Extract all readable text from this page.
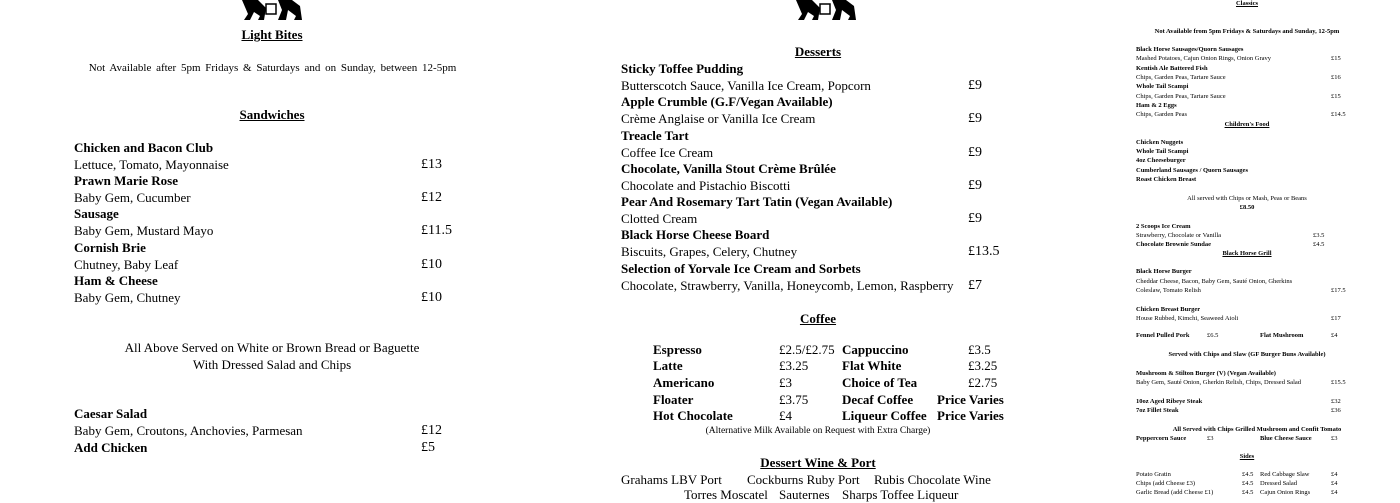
Light Bites
Not Available after 5pm Fridays & Saturdays and on Sunday, between 12-5pm
Sandwiches
Chicken and Bacon Club
Lettuce, Tomato, Mayonnaise	£13
Prawn Marie Rose
Baby Gem, Cucumber	£12
Sausage
Baby Gem, Mustard Mayo	£11.5
Cornish Brie
Chutney, Baby Leaf	£10
Ham & Cheese
Baby Gem, Chutney	£10
All Above Served on White or Brown Bread or Baguette
With Dressed Salad and Chips
Caesar Salad
Baby Gem, Croutons, Anchovies, Parmesan	£12
Add Chicken	£5
Desserts
Sticky Toffee Pudding
Butterscotch Sauce, Vanilla Ice Cream, Popcorn	£9
Apple Crumble (G.F/Vegan Available)
Crème Anglaise or Vanilla Ice Cream	£9
Treacle Tart
Coffee Ice Cream	£9
Chocolate, Vanilla Stout Crème Brûlée
Chocolate and Pistachio Biscotti	£9
Pear And Rosemary Tart Tatin (Vegan Available)
Clotted Cream	£9
Black Horse Cheese Board
Biscuits, Grapes, Celery, Chutney	£13.5
Selection of Yorvale Ice Cream and Sorbets
Chocolate, Strawberry, Vanilla, Honeycomb, Lemon, Raspberry £7
Coffee
Espresso	£2.5/£2.75 Cappuccino	£3.5
Latte	£3.25	Flat White	£3.25
Americano	£3	Choice of Tea	£2.75
Floater	£3.75	Decaf Coffee Price Varies
Hot Chocolate	£4	Liqueur Coffee Price Varies
(Alternative Milk Available on Request with Extra Charge)
Dessert Wine & Port
Grahams LBV Port Cockburns Ruby Port Rubis Chocolate Wine
Torres Moscatel Sauternes Sharps Toffee Liqueur
Classics
Not Available from 5pm Fridays & Saturdays and Sunday, 12-5pm
Black Horse Sausages/Quorn Sausages
Mashed Potatoes, Cajun Onion Rings, Onion Gravy	£15
Kentish Ale Battered Fish
Chips, Garden Peas, Tartare Sauce	£16
Whole Tail Scampi
Chips, Garden Peas, Tartare Sauce	£15
Ham & 2 Eggs
Chips, Garden Peas	£14.5
Children's Food
Chicken Nuggets
Whole Tail Scampi
4oz Cheeseburger
Cumberland Sausages / Quorn Sausages
Roast Chicken Breast
All served with Chips or Mash, Peas or Beans
£8.50
2 Scoops Ice Cream
Strawberry, Chocolate or Vanilla	£3.5
Chocolate Brownie Sundae	£4.5
Black Horse Grill
Black Horse Burger
Cheddar Cheese, Bacon, Baby Gem, Sauté Onion, Gherkins
Coleslaw, Tomato Relish	£17.5
Chicken Breast Burger
House Rubbed, Kimchi, Seaweed Aioli	£17
Fennel Pulled Pork	£6.5	Flat Mushroom	£4
Served with Chips and Slaw (GF Burger Buns Available)
Mushroom & Stilton Burger (V) (Vegan Available)
Baby Gem, Sauté Onion, Gherkin Relish, Chips, Dressed Salad	£15.5
10oz Aged Ribeye Steak	£32
7oz Fillet Steak	£36
All Served with Chips Grilled Mushroom and Confit Tomato
Peppercorn Sauce	£3	Blue Cheese Sauce	£3
Sides
Potato Gratin	£4.5 Red Cabbage Slaw	£4
Chips (add Cheese £3)	£4.5 Dressed Salad	£4
Garlic Bread (add Cheese £1)	£4.5 Cajun Onion Rings	£4
